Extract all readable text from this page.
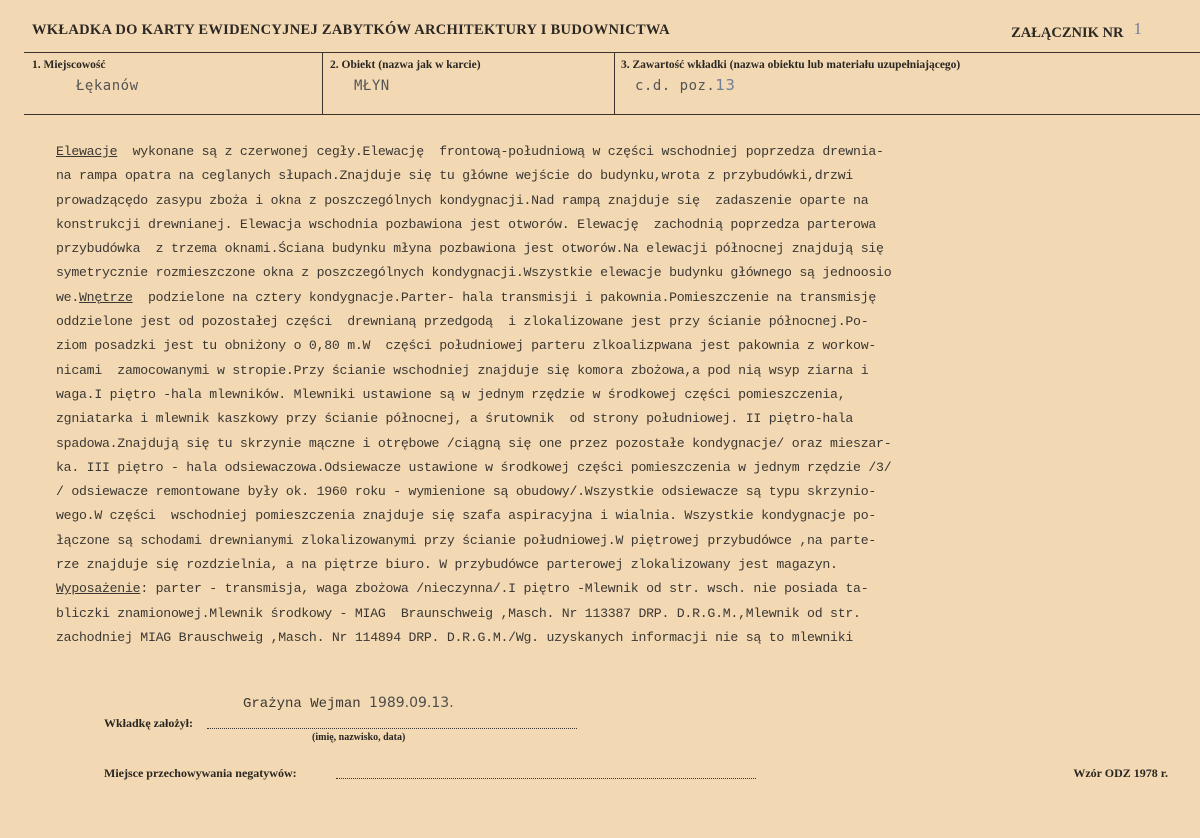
WKŁADKA DO KARTY EWIDENCYJNEJ ZABYTKÓW ARCHITEKTURY I BUDOWNICTWA	ZAŁĄCZNIK NR 1
1. Miejscowość
Łękanów
2. Obiekt (nazwa jak w karcie)
MŁYN
3. Zawartość wkładki (nazwa obiektu lub materiału uzupełniającego)
c.d. poz.13
Elewacje  wykonane są z czerwonej cegły.Elewację  frontową-południową w części wschodniej poprzedza drewnia-
na rampa opatra na ceglanych słupach.Znajduje się tu główne wejście do budynku,wrota z przybudówki,drzwi
prowadzącędo zasypu zboża i okna z poszczególnych kondygnacji.Nad rampą znajduje się  zadaszenie oparte na
konstrukcji drewnianej. Elewacja wschodnia pozbawiona jest otworów. Elewację  zachodnią poprzedza parterowa
przybudówka  z trzema oknami.Ściana budynku młyna pozbawiona jest otworów.Na elewacji północnej znajdują się
symetrycznie rozmieszczone okna z poszczególnych kondygnacji.Wszystkie elewacje budynku głównego są jednoosio
we.Wnętrze  podzielone na cztery kondygnacje.Parter- hala transmisji i pakownia.Pomieszczenie na transmisję
oddzielone jest od pozostałej części  drewnianą przedgodą  i zlokalizowane jest przy ścianie północnej.Po-
ziom posadzki jest tu obniżony o 0,80 m.W  części południowej parteru zlkoalizpwana jest pakownia z workow-
nicami  zamocowanymi w stropie.Przy ścianie wschodniej znajduje się komora zbożowa,a pod nią wsyp ziarna i
waga.I piętro -hala mlewników. Mlewniki ustawione są w jednym rzędzie w środkowej części pomieszczenia,
zgniatarka i mlewnik kaszkowy przy ścianie północnej, a śrutownik  od strony południowej. II piętro-hala
spadowa.Znajdują się tu skrzynie mączne i otrębowe /ciągną się one przez pozostałe kondygnacje/ oraz mieszar-
ka. III piętro - hala odsiewaczowa.Odsiewacze ustawione w środkowej części pomieszczenia w jednym rzędzie /3/
/ odsiewacze remontowane były ok. 1960 roku - wymienione są obudowy/.Wszystkie odsiewacze są typu skrzynio-
wego.W części  wschodniej pomieszczenia znajduje się szafa aspiracyjna i wialnia. Wszystkie kondygnacje po-
łączone są schodami drewnianymi zlokalizowanymi przy ścianie południowej.W piętrowej przybudówce ,na parte-
rze znajduje się rozdzielnia, a na piętrze biuro. W przybudówce parterowej zlokalizowany jest magazyn.
Wyposażenie: parter - transmisja, waga zbożowa /nieczynna/.I piętro -Mlewnik od str. wsch. nie posiada ta-
bliczki znamionowej.Mlewnik środkowy - MIAG  Braunschweig ,Masch. Nr 113387 DRP. D.R.G.M.,Mlewnik od str.
zachodniej MIAG Brauschweig ,Masch. Nr 114894 DRP. D.R.G.M./Wg. uzyskanych informacji nie są to mlewniki
Grażyna Wejman 1989.09.13.
Wkładkę założył:
(imię, nazwisko, data)
Miejsce przechowywania negatywów:	Wzór ODZ 1978 r.
